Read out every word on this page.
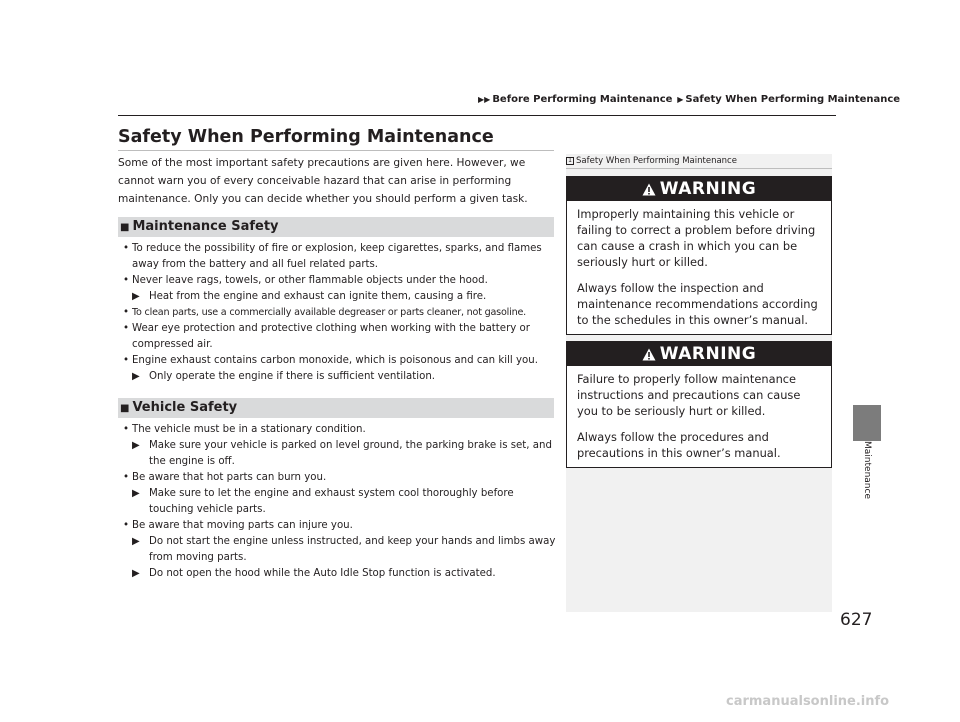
▶▶ Before Performing Maintenance ▶ Safety When Performing Maintenance
Safety When Performing Maintenance
Some of the most important safety precautions are given here. However, we cannot warn you of every conceivable hazard that can arise in performing maintenance. Only you can decide whether you should perform a given task.
■ Maintenance Safety
• To reduce the possibility of fire or explosion, keep cigarettes, sparks, and flames away from the battery and all fuel related parts.
• Never leave rags, towels, or other flammable objects under the hood.
▶ Heat from the engine and exhaust can ignite them, causing a fire.
• To clean parts, use a commercially available degreaser or parts cleaner, not gasoline.
• Wear eye protection and protective clothing when working with the battery or compressed air.
• Engine exhaust contains carbon monoxide, which is poisonous and can kill you.
▶ Only operate the engine if there is sufficient ventilation.
■ Vehicle Safety
• The vehicle must be in a stationary condition.
▶ Make sure your vehicle is parked on level ground, the parking brake is set, and the engine is off.
• Be aware that hot parts can burn you.
▶ Make sure to let the engine and exhaust system cool thoroughly before touching vehicle parts.
• Be aware that moving parts can injure you.
▶ Do not start the engine unless instructed, and keep your hands and limbs away from moving parts.
▶ Do not open the hood while the Auto Idle Stop function is activated.
1 Safety When Performing Maintenance
WARNING

Improperly maintaining this vehicle or failing to correct a problem before driving can cause a crash in which you can be seriously hurt or killed.

Always follow the inspection and maintenance recommendations according to the schedules in this owner’s manual.

WARNING

Failure to properly follow maintenance instructions and precautions can cause you to be seriously hurt or killed.

Always follow the procedures and precautions in this owner’s manual.	Maintenance
627
carmanualsonline.info
